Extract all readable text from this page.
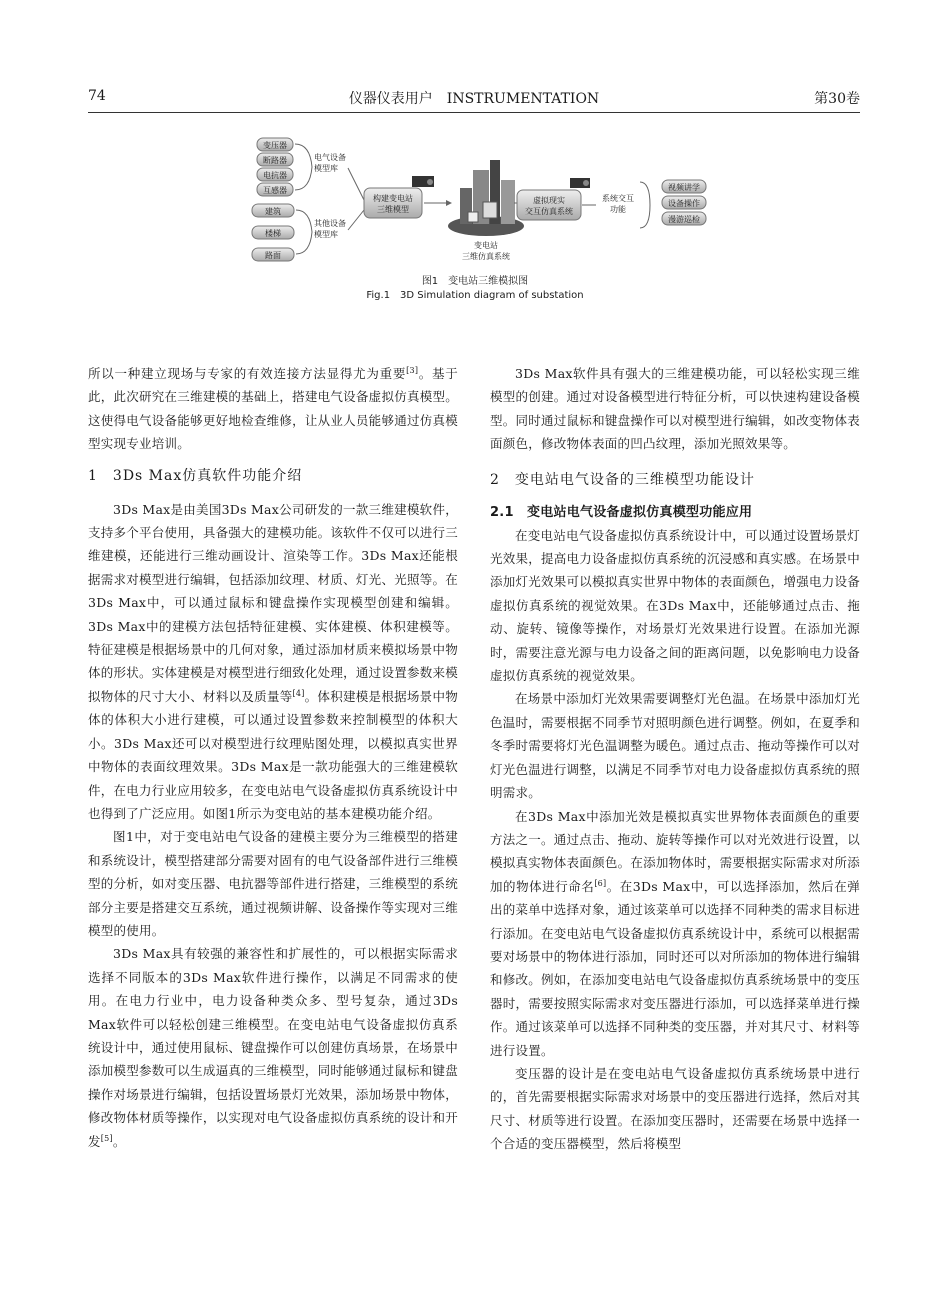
74	仪器仪表用户　INSTRUMENTATION	第30卷
变压器
断路器
电抗器
互感器
电气设备
模型库
建筑
楼梯
路面
其他设备
模型库
构建变电站
三维模型
变电站
三维仿真系统
虚拟现实
交互仿真系统
系统交互
功能
视频讲学
设备操作
漫游巡检
图1　变电站三维模拟图
Fig.1　3D Simulation diagram of substation

所以一种建立现场与专家的有效连接方法显得尤为重要[3]。基于此，此次研究在三维建模的基础上，搭建电气设备虚拟仿真模型。这使得电气设备能够更好地检查维修，让从业人员能够通过仿真模型实现专业培训。

1　3Ds Max仿真软件功能介绍

3Ds Max是由美国3Ds Max公司研发的一款三维建模软件，支持多个平台使用，具备强大的建模功能。该软件不仅可以进行三维建模，还能进行三维动画设计、渲染等工作。3Ds Max还能根据需求对模型进行编辑，包括添加纹理、材质、灯光、光照等。在3Ds Max中，可以通过鼠标和键盘操作实现模型创建和编辑。3Ds Max中的建模方法包括特征建模、实体建模、体积建模等。特征建模是根据场景中的几何对象，通过添加材质来模拟场景中物体的形状。实体建模是对模型进行细致化处理，通过设置参数来模拟物体的尺寸大小、材料以及质量等[4]。体积建模是根据场景中物体的体积大小进行建模，可以通过设置参数来控制模型的体积大小。3Ds Max还可以对模型进行纹理贴图处理，以模拟真实世界中物体的表面纹理效果。3Ds Max是一款功能强大的三维建模软件，在电力行业应用较多，在变电站电气设备虚拟仿真系统设计中也得到了广泛应用。如图1所示为变电站的基本建模功能介绍。

图1中，对于变电站电气设备的建模主要分为三维模型的搭建和系统设计，模型搭建部分需要对固有的电气设备部件进行三维模型的分析，如对变压器、电抗器等部件进行搭建，三维模型的系统部分主要是搭建交互系统，通过视频讲解、设备操作等实现对三维模型的使用。

3Ds Max具有较强的兼容性和扩展性的，可以根据实际需求选择不同版本的3Ds Max软件进行操作，以满足不同需求的使用。在电力行业中，电力设备种类众多、型号复杂，通过3Ds Max软件可以轻松创建三维模型。在变电站电气设备虚拟仿真系统设计中，通过使用鼠标、键盘操作可以创建仿真场景，在场景中添加模型参数可以生成逼真的三维模型，同时能够通过鼠标和键盘操作对场景进行编辑，包括设置场景灯光效果，添加场景中物体，修改物体材质等操作，以实现对电气设备虚拟仿真系统的设计和开发[5]。

3Ds Max软件具有强大的三维建模功能，可以轻松实现三维模型的创建。通过对设备模型进行特征分析，可以快速构建设备模型。同时通过鼠标和键盘操作可以对模型进行编辑，如改变物体表面颜色，修改物体表面的凹凸纹理，添加光照效果等。

2　变电站电气设备的三维模型功能设计

2.1　变电站电气设备虚拟仿真模型功能应用

在变电站电气设备虚拟仿真系统设计中，可以通过设置场景灯光效果，提高电力设备虚拟仿真系统的沉浸感和真实感。在场景中添加灯光效果可以模拟真实世界中物体的表面颜色，增强电力设备虚拟仿真系统的视觉效果。在3Ds Max中，还能够通过点击、拖动、旋转、镜像等操作，对场景灯光效果进行设置。在添加光源时，需要注意光源与电力设备之间的距离问题，以免影响电力设备虚拟仿真系统的视觉效果。

在场景中添加灯光效果需要调整灯光色温。在场景中添加灯光色温时，需要根据不同季节对照明颜色进行调整。例如，在夏季和冬季时需要将灯光色温调整为暖色。通过点击、拖动等操作可以对灯光色温进行调整，以满足不同季节对电力设备虚拟仿真系统的照明需求。

在3Ds Max中添加光效是模拟真实世界物体表面颜色的重要方法之一。通过点击、拖动、旋转等操作可以对光效进行设置，以模拟真实物体表面颜色。在添加物体时，需要根据实际需求对所添加的物体进行命名[6]。在3Ds Max中，可以选择添加，然后在弹出的菜单中选择对象，通过该菜单可以选择不同种类的需求目标进行添加。在变电站电气设备虚拟仿真系统设计中，系统可以根据需要对场景中的物体进行添加，同时还可以对所添加的物体进行编辑和修改。例如，在添加变电站电气设备虚拟仿真系统场景中的变压器时，需要按照实际需求对变压器进行添加，可以选择菜单进行操作。通过该菜单可以选择不同种类的变压器，并对其尺寸、材料等进行设置。

变压器的设计是在变电站电气设备虚拟仿真系统场景中进行的，首先需要根据实际需求对场景中的变压器进行选择，然后对其尺寸、材质等进行设置。在添加变压器时，还需要在场景中选择一个合适的变压器模型，然后将模型
